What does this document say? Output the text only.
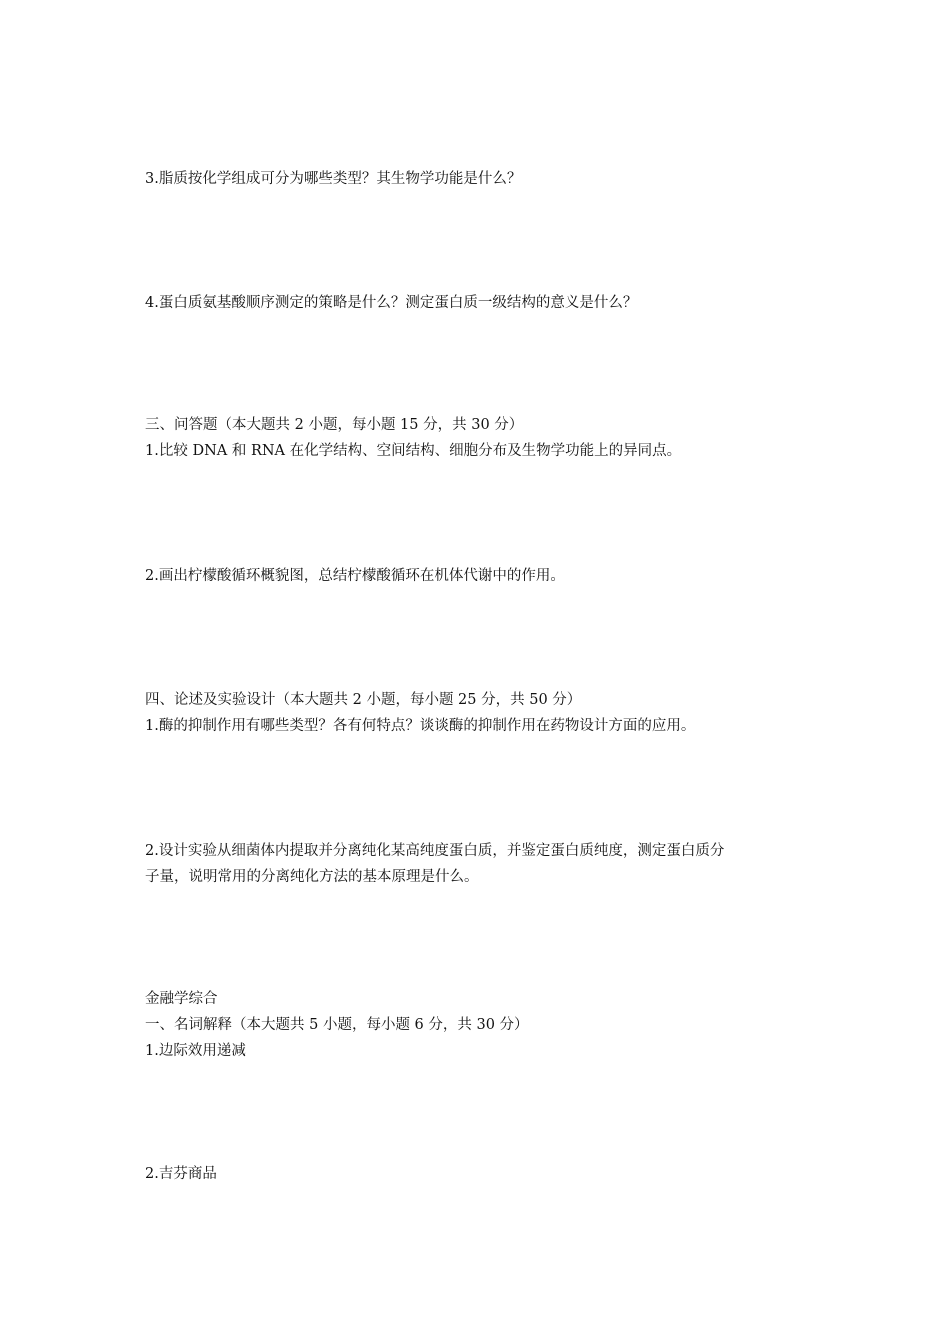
3.脂质按化学组成可分为哪些类型？其生物学功能是什么？
4.蛋白质氨基酸顺序测定的策略是什么？测定蛋白质一级结构的意义是什么？
三、问答题（本大题共 2 小题，每小题 15 分，共 30 分）
1.比较 DNA 和 RNA 在化学结构、空间结构、细胞分布及生物学功能上的异同点。
2.画出柠檬酸循环概貌图，总结柠檬酸循环在机体代谢中的作用。
四、论述及实验设计（本大题共 2 小题，每小题 25 分，共 50 分）
1.酶的抑制作用有哪些类型？各有何特点？谈谈酶的抑制作用在药物设计方面的应用。
2.设计实验从细菌体内提取并分离纯化某高纯度蛋白质，并鉴定蛋白质纯度，测定蛋白质分
子量，说明常用的分离纯化方法的基本原理是什么。
金融学综合
一、名词解释（本大题共 5 小题，每小题 6 分，共 30 分）
1.边际效用递减
2.吉芬商品
